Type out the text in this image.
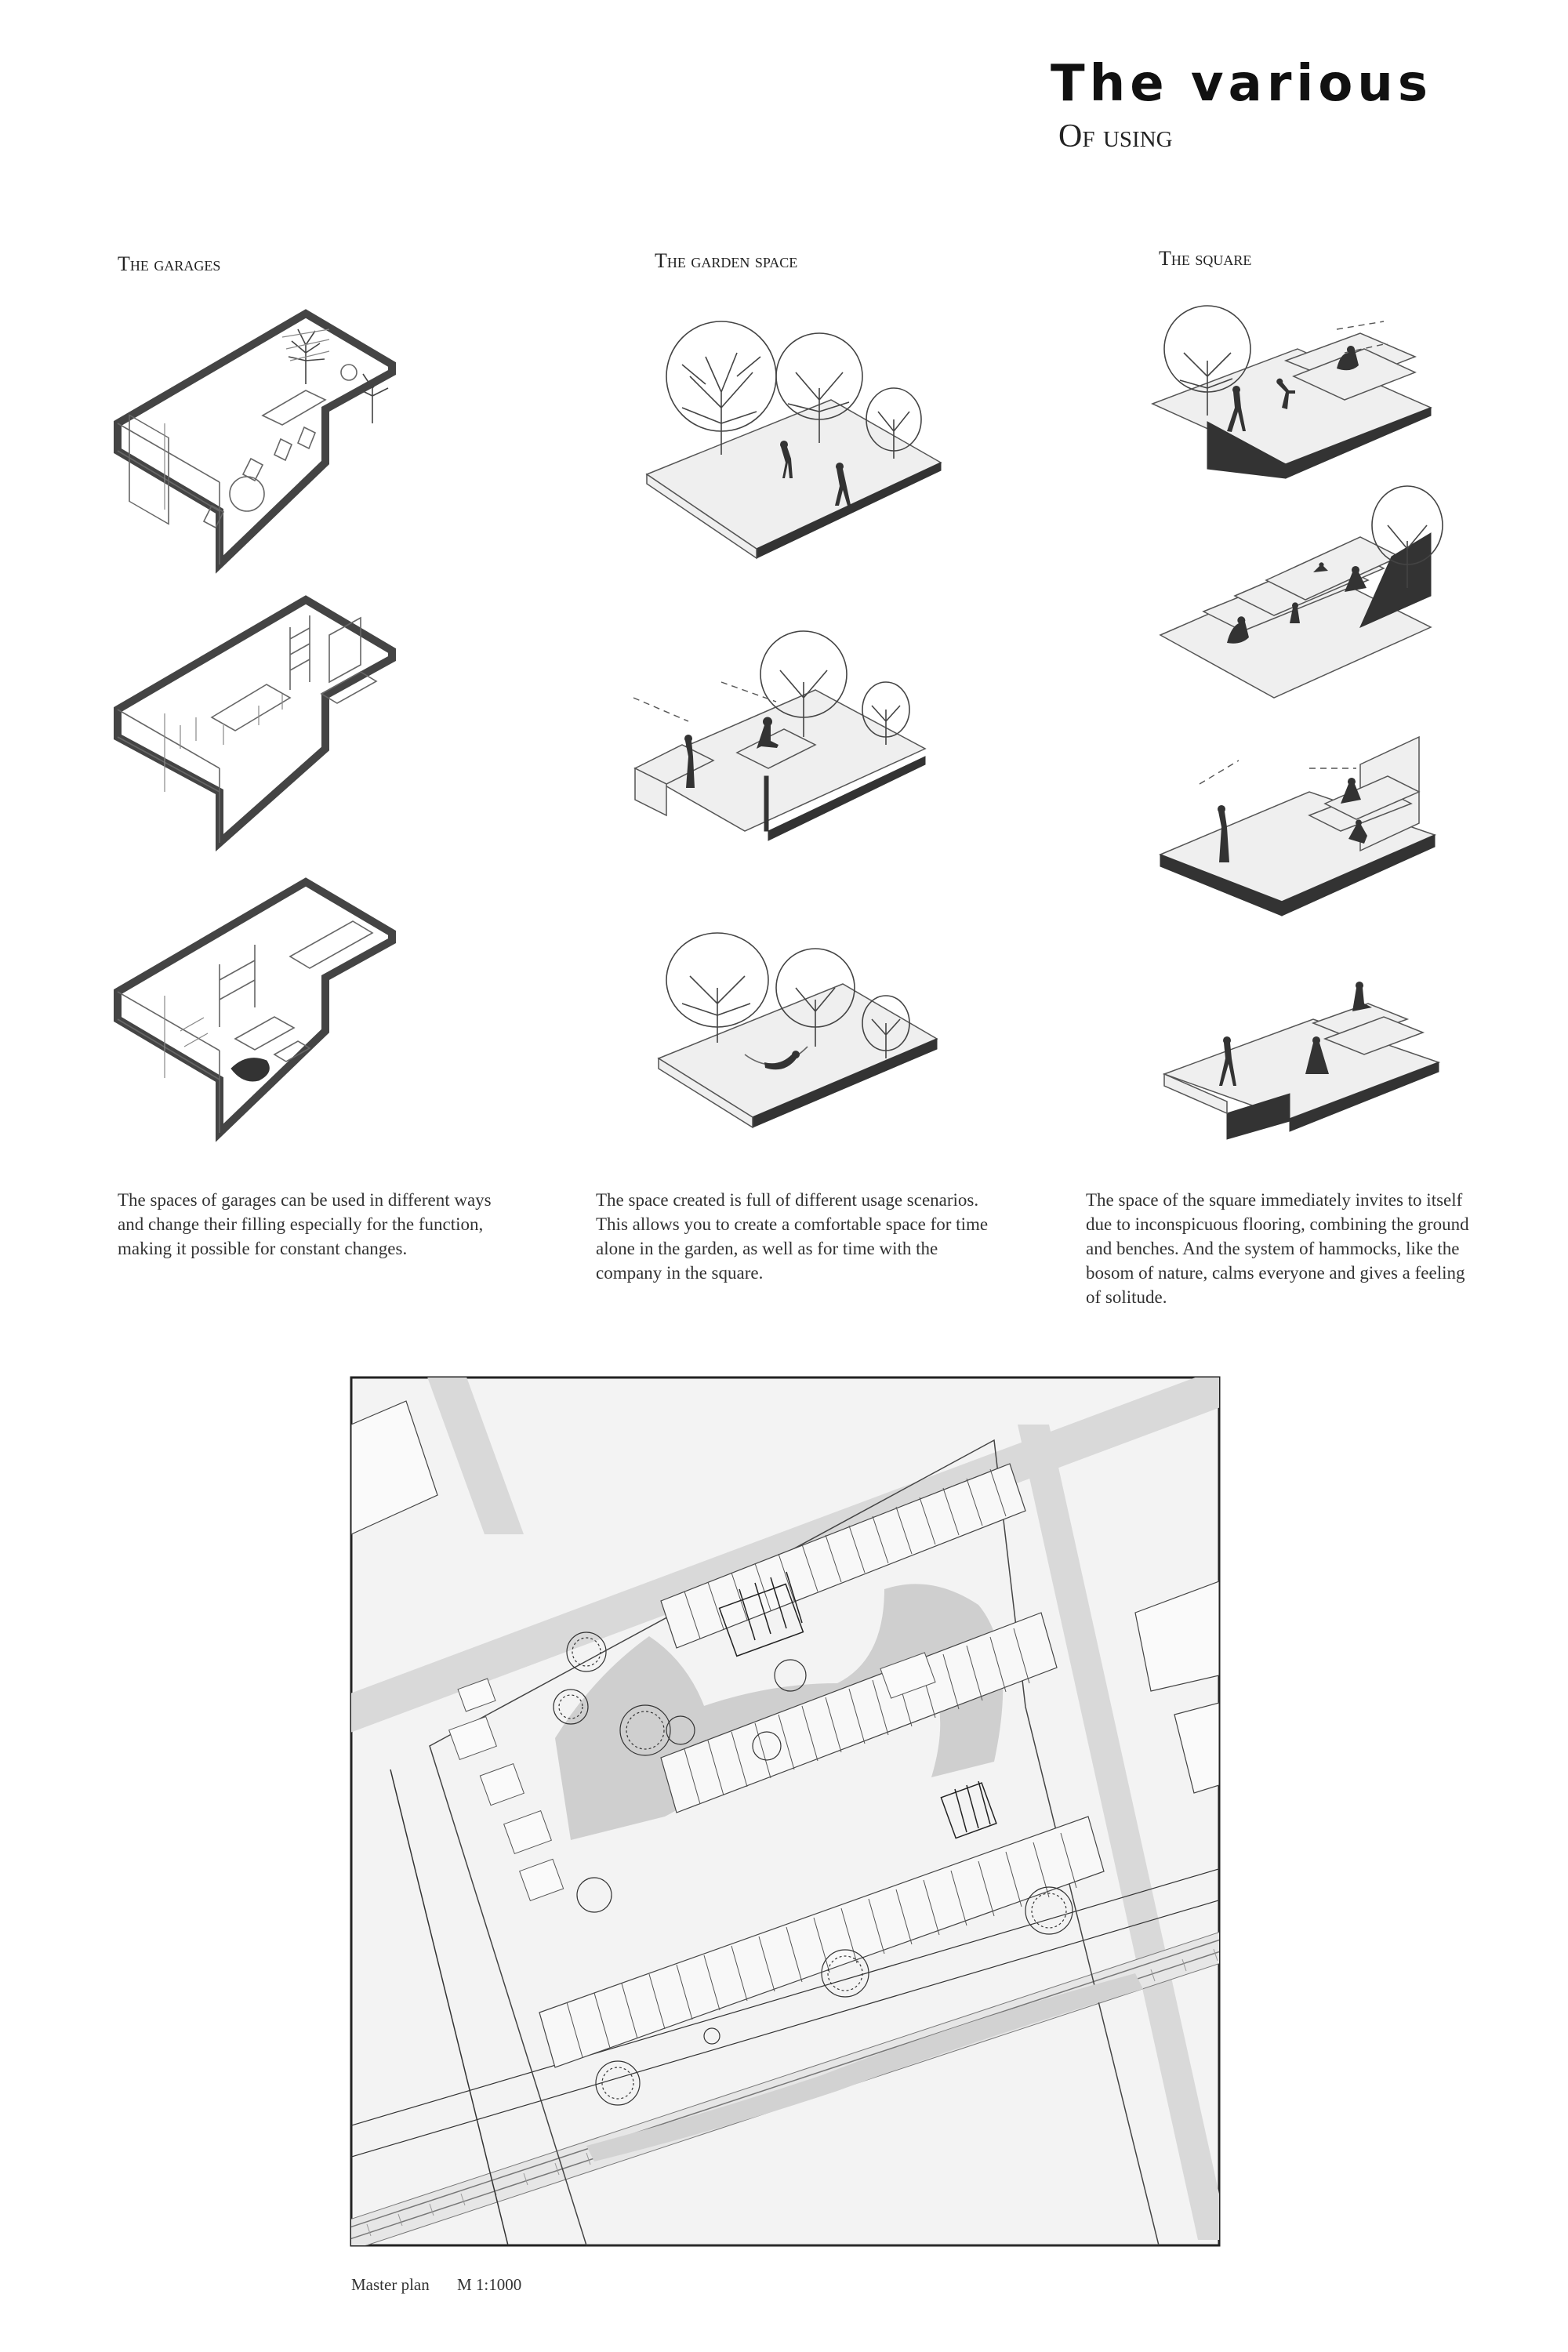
The various
Of using
The garages	The garden space	The square
The spaces of garages can be used in different ways and change their filling especially for the function, making it possible for constant changes.
The space created is full of different usage scenarios. This allows you to create a comfortable space for time alone in the garden, as well as for time with the company in the square.
The space of the square immediately invites to itself due to inconspicuous flooring, combining the ground and benches. And the system of hammocks, like the bosom of nature, calms everyone and gives a feeling of solitude.
Master plan M 1:1000
